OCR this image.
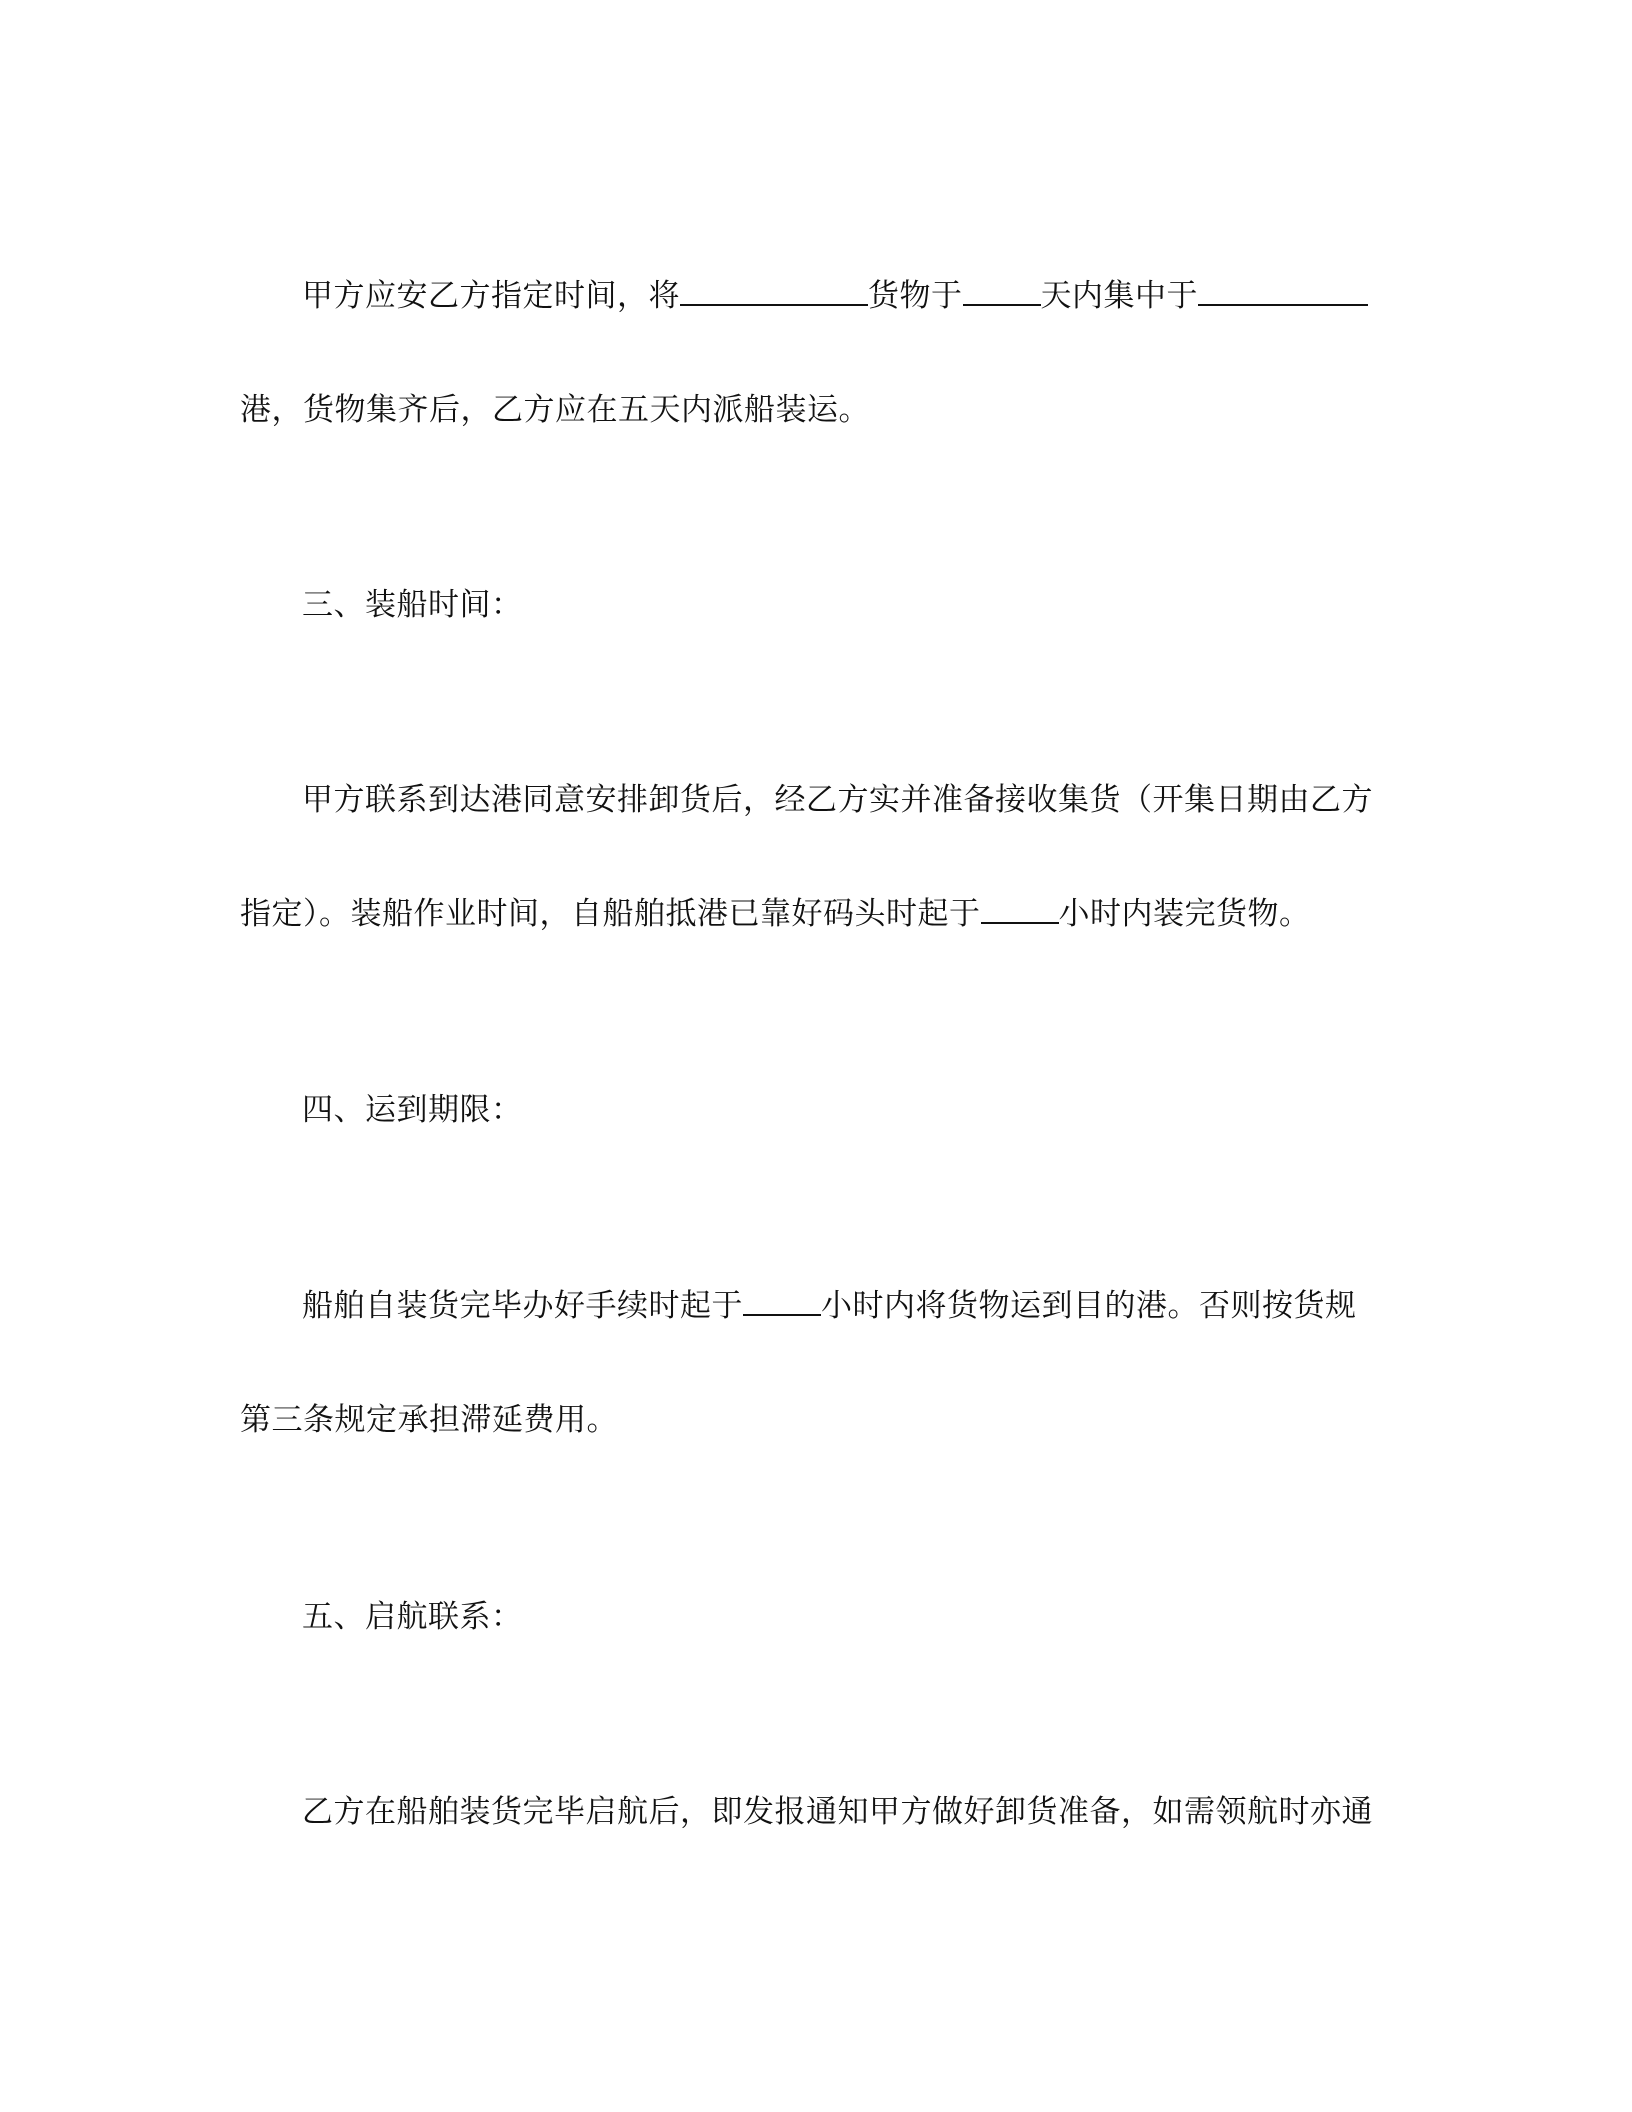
甲方应安乙方指定时间，将	货物于	天内集中于
港，货物集齐后，乙方应在五天内派船装运。
三、装船时间：
甲方联系到达港同意安排卸货后，经乙方实并准备接收集货（开集日期由乙方
指定）。装船作业时间，自船舶抵港已靠好码头时起于	小时内装完货物。
四、运到期限：
船舶自装货完毕办好手续时起于	小时内将货物运到目的港。否则按货规
第三条规定承担滞延费用。
五、启航联系：
乙方在船舶装货完毕启航后，即发报通知甲方做好卸货准备，如需领航时亦通
